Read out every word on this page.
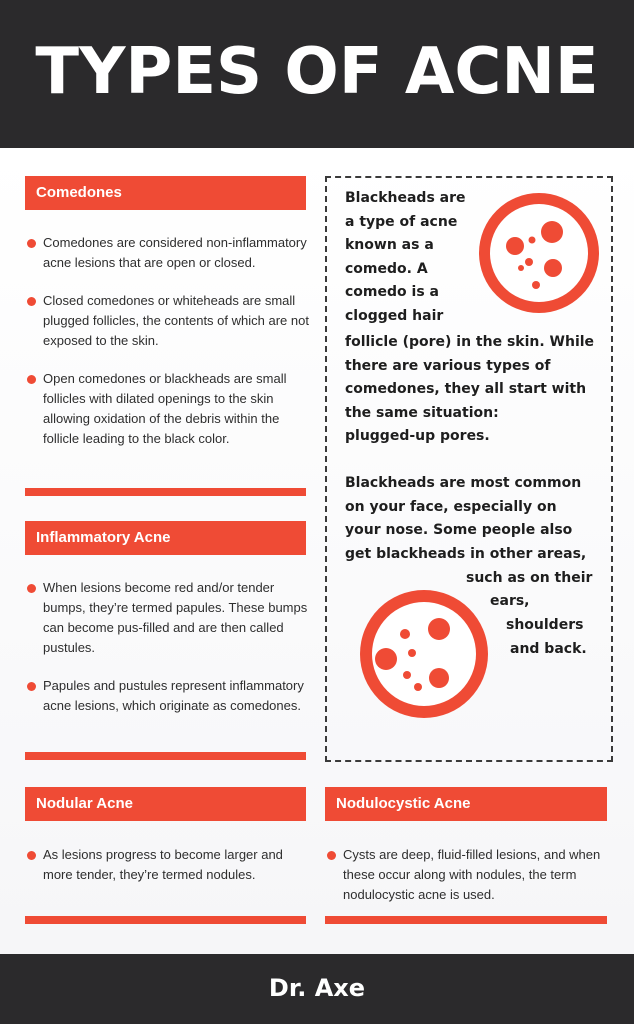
TYPES OF ACNE
Comedones
Comedones are considered non-inflammatory acne lesions that are open or closed.
Closed comedones or whiteheads are small plugged follicles, the contents of which are not exposed to the skin.
Open comedones or blackheads are small follicles with dilated openings to the skin allowing oxidation of the debris within the follicle leading to the black color.
Inflammatory Acne
When lesions become red and/or tender bumps, they’re termed papules. These bumps can become pus-filled and are then called pustules.
Papules and pustules represent inflammatory acne lesions, which originate as comedones.
Nodular Acne
As lesions progress to become larger and more tender, they’re termed nodules.
Nodulocystic Acne
Cysts are deep, fluid-filled lesions, and when these occur along with nodules, the term nodulocystic acne is used.
Blackheads are
a type of acne
known as a
comedo. A
comedo is a
clogged hair
follicle (pore) in the skin. While
there are various types of
comedones, they all start with
the same situation:
plugged-up pores.
Blackheads are most common
on your face, especially on
your nose. Some people also
get blackheads in other areas,
such as on their
ears,
shoulders
and back.
Dr. Axe
